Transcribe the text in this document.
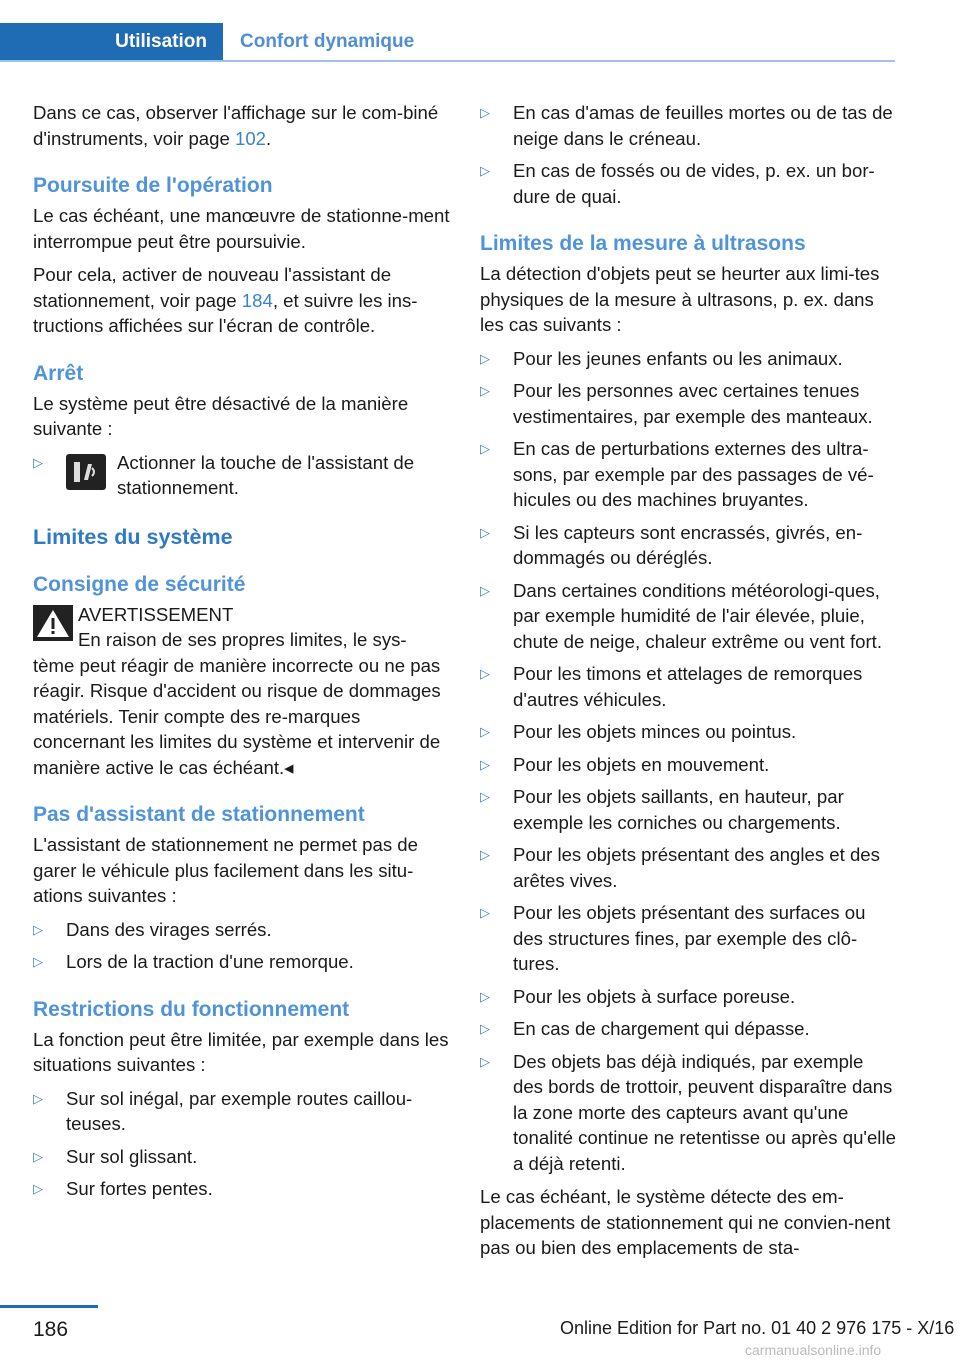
Utilisation	Confort dynamique

Dans ce cas, observer l'affichage sur le com-biné d'instruments, voir page 102.

Poursuite de l'opération

Le cas échéant, une manœuvre de stationne-ment interrompue peut être poursuivie.

Pour cela, activer de nouveau l'assistant de stationnement, voir page 184, et suivre les ins-tructions affichées sur l'écran de contrôle.

Arrêt

Le système peut être désactivé de la manière suivante :

▷	Actionner la touche de l'assistant de stationnement.
Limites du système
Consigne de sécurité
AVERTISSEMENT
En raison de ses propres limites, le sys-
tème peut réagir de manière incorrecte ou ne pas réagir. Risque d'accident ou risque de dommages matériels. Tenir compte des re-marques concernant les limites du système et intervenir de manière active le cas échéant.◂
Pas d'assistant de stationnement

L'assistant de stationnement ne permet pas de garer le véhicule plus facilement dans les situ-ations suivantes :

▷ Dans des virages serrés.
▷ Lors de la traction d'une remorque.
Restrictions du fonctionnement

La fonction peut être limitée, par exemple dans les situations suivantes :

▷ Sur sol inégal, par exemple routes caillou-teuses.
▷ Sur sol glissant.
▷ Sur fortes pentes.
▷ En cas d'amas de feuilles mortes ou de tas de neige dans le créneau.
▷ En cas de fossés ou de vides, p. ex. un bor-dure de quai.
Limites de la mesure à ultrasons

La détection d'objets peut se heurter aux limi-tes physiques de la mesure à ultrasons, p. ex. dans les cas suivants :

▷ Pour les jeunes enfants ou les animaux.
▷ Pour les personnes avec certaines tenues vestimentaires, par exemple des manteaux.
▷ En cas de perturbations externes des ultra-sons, par exemple par des passages de vé-hicules ou des machines bruyantes.
▷ Si les capteurs sont encrassés, givrés, en-dommagés ou déréglés.
▷ Dans certaines conditions météorologi-ques, par exemple humidité de l'air élevée, pluie, chute de neige, chaleur extrême ou vent fort.
▷ Pour les timons et attelages de remorques d'autres véhicules.
▷ Pour les objets minces ou pointus.
▷ Pour les objets en mouvement.
▷ Pour les objets saillants, en hauteur, par exemple les corniches ou chargements.
▷ Pour les objets présentant des angles et des arêtes vives.
▷ Pour les objets présentant des surfaces ou des structures fines, par exemple des clô-tures.
▷ Pour les objets à surface poreuse.
▷ En cas de chargement qui dépasse.
▷ Des objets bas déjà indiqués, par exemple des bords de trottoir, peuvent disparaître dans la zone morte des capteurs avant qu'une tonalité continue ne retentisse ou après qu'elle a déjà retenti.

Le cas échéant, le système détecte des em-placements de stationnement qui ne convien-nent pas ou bien des emplacements de sta-

186	Online Edition for Part no. 01 40 2 976 175 - X/16
carmanualsonline.info
